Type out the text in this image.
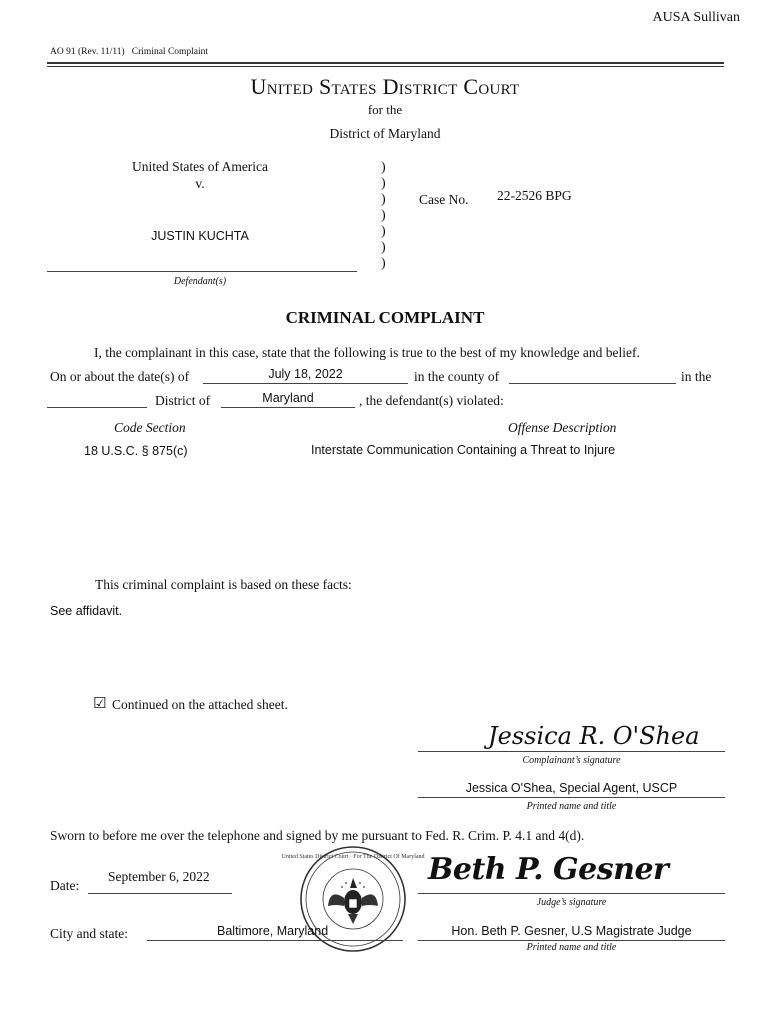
AUSA Sullivan
AO 91 (Rev. 11/11)   Criminal Complaint
United States District Court
for the
District of Maryland
United States of America
v.
JUSTIN KUCHTA
Defendant(s)
)
)
)
)
)
)
)
Case No. 22-2526 BPG
CRIMINAL COMPLAINT
I, the complainant in this case, state that the following is true to the best of my knowledge and belief.
On or about the date(s) of	July 18, 2022	in the county of	in the
District of	Maryland	, the defendant(s) violated:
Code Section	Offense Description
18 U.S.C. § 875(c)	Interstate Communication Containing a Threat to Injure
This criminal complaint is based on these facts:
See affidavit.
☑ Continued on the attached sheet.
Jessica R. O'Shea
Complainant’s signature
Jessica O'Shea, Special Agent, USCP
Printed name and title
Sworn to before me over the telephone and signed by me pursuant to Fed. R. Crim. P. 4.1 and 4(d).
Date:
September 6, 2022
United States District Court · For The District Of Maryland Beth P. Gesner
Judge’s signature
City and state:	Baltimore, Maryland	Hon. Beth P. Gesner, U.S Magistrate Judge
Printed name and title
